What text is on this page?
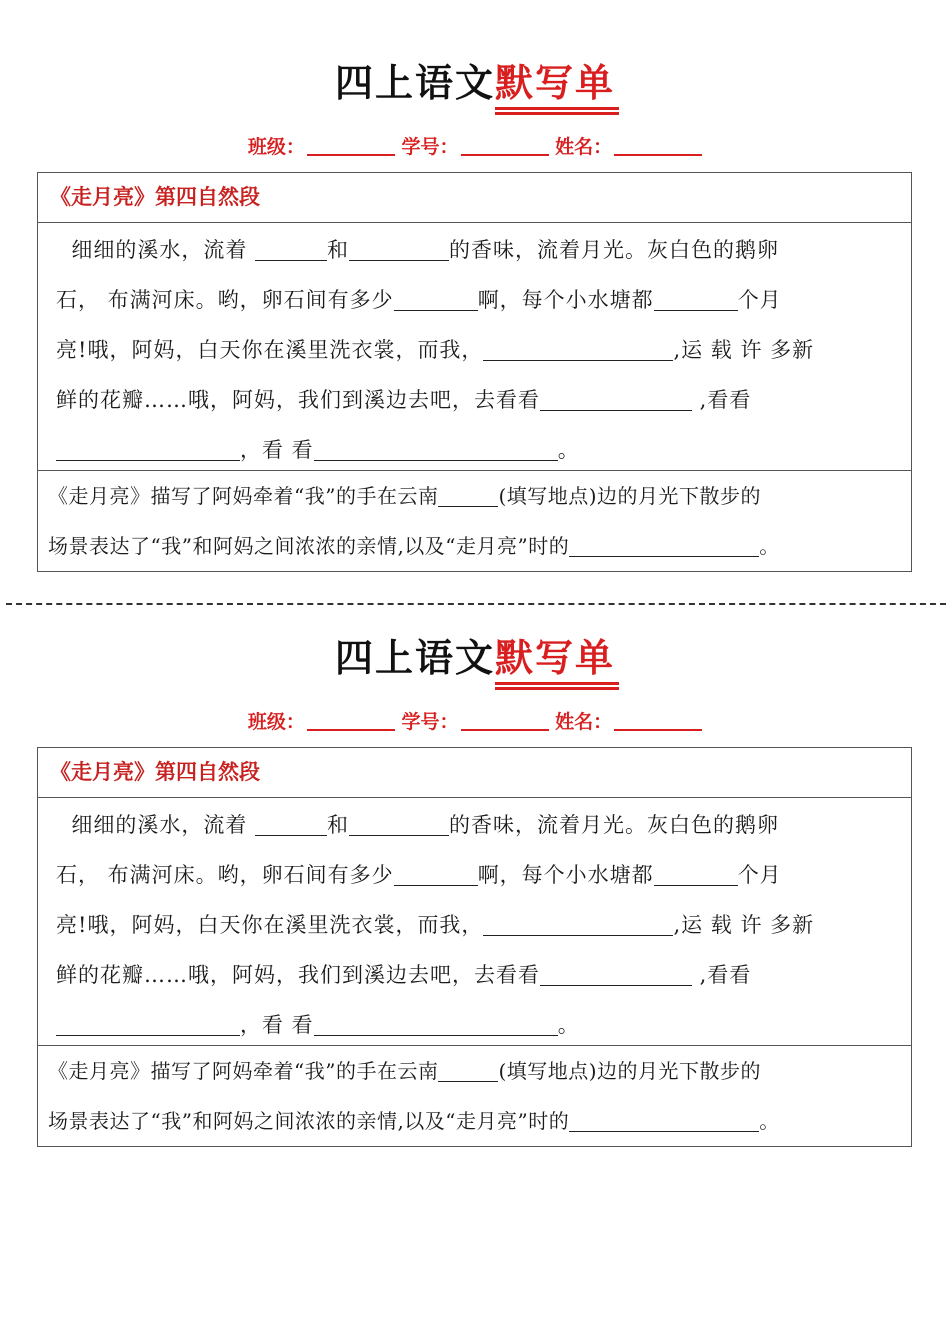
四上语文默写单
班级：	学号：	姓名：
《走月亮》第四自然段
细细的溪水，流着	和	的香味，流着月光。灰白色的鹅卵
石， 布满河床。哟，卵石间有多少	啊，每个小水塘都	个月
亮!哦，阿妈，白天你在溪里洗衣裳，而我，	,运 载 许 多新
鲜的花瓣……哦，阿妈，我们到溪边去吧，去看看	,看看
，看 看	。
《走月亮》描写了阿妈牵着“我”的手在云南	(填写地点)边的月光下散步的
场景表达了“我”和阿妈之间浓浓的亲情,以及“走月亮”时的	。
四上语文默写单
班级：	学号：	姓名：
《走月亮》第四自然段
细细的溪水，流着	和	的香味，流着月光。灰白色的鹅卵
石， 布满河床。哟，卵石间有多少	啊，每个小水塘都	个月
亮!哦，阿妈，白天你在溪里洗衣裳，而我，	,运 载 许 多新
鲜的花瓣……哦，阿妈，我们到溪边去吧，去看看	,看看
，看 看	。
《走月亮》描写了阿妈牵着“我”的手在云南	(填写地点)边的月光下散步的
场景表达了“我”和阿妈之间浓浓的亲情,以及“走月亮”时的	。
